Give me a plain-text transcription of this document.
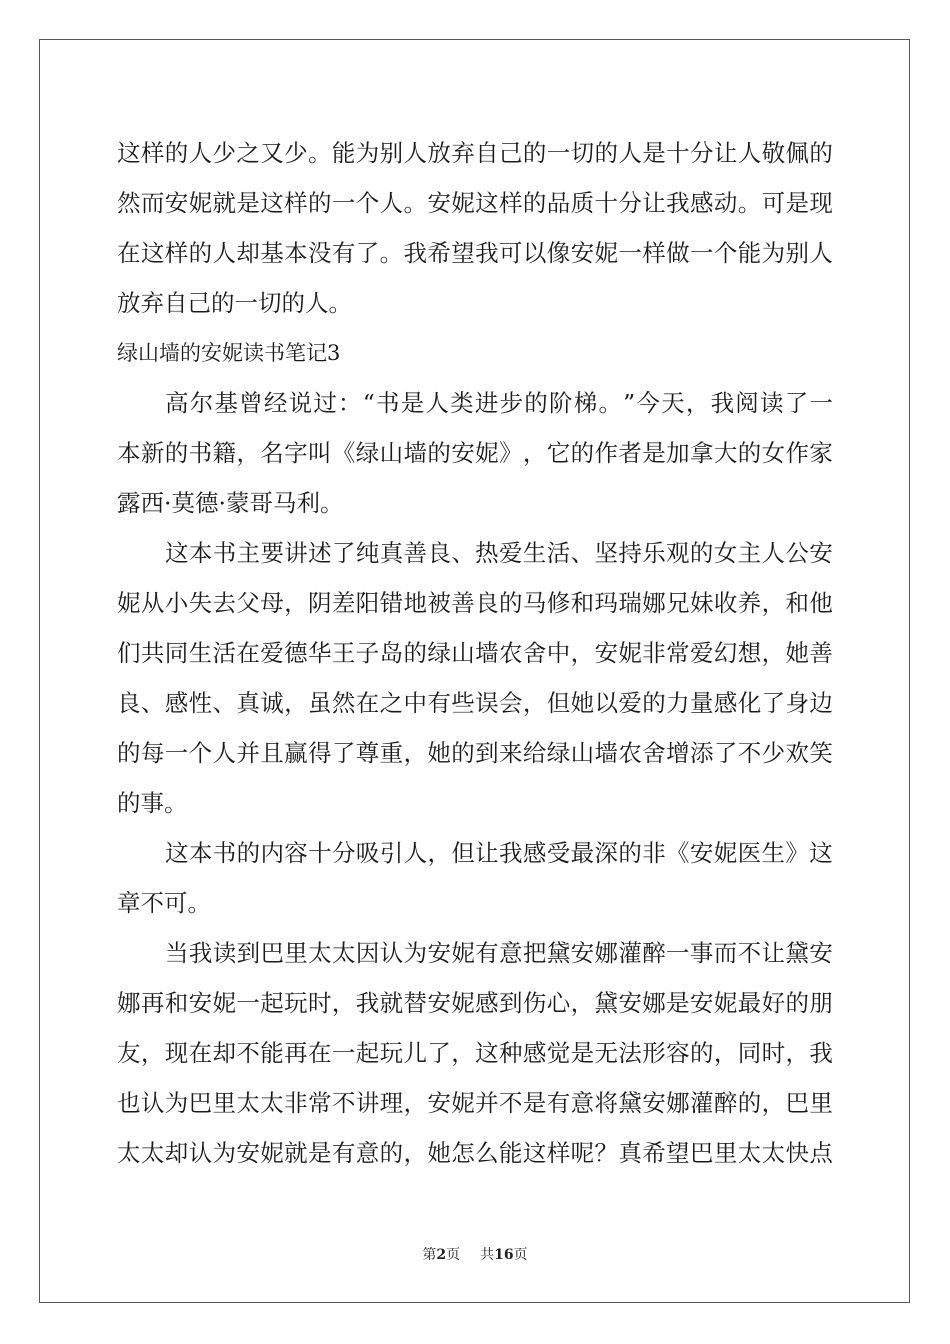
这 样 的 人 少 之 又 少 。 能 为 别 人 放 弃 自 己 的 一 切 的 人 是 十 分 让 人 敬 佩 的
然 而 安 妮 就 是 这 样 的 一 个 人 。 安 妮 这 样 的 品 质 十 分 让 我 感 动 。 可 是 现
在 这 样 的 人 却 基 本 没 有 了 。 我 希 望 我 可 以 像 安 妮 一 样 做 一 个 能 为 别 人
放弃自己的一切的人。
绿山墙的安妮读书笔记3
高 尔 基 曾 经 说 过 ： “ 书 是 人 类 进 步 的 阶 梯 。 ” 今 天 ， 我 阅 读 了 一
本 新 的 书 籍 ， 名 字 叫 《 绿 山 墙 的 安 妮 》 ， 它 的 作 者 是 加 拿 大 的 女 作 家
露西·莫德·蒙哥马利。
这 本 书 主 要 讲 述 了 纯 真 善 良 、 热 爱 生 活 、 坚 持 乐 观 的 女 主 人 公 安
妮 从 小 失 去 父 母 ， 阴 差 阳 错 地 被 善 良 的 马 修 和 玛 瑞 娜 兄 妹 收 养 ， 和 他
们 共 同 生 活 在 爱 德 华 王 子 岛 的 绿 山 墙 农 舍 中 ， 安 妮 非 常 爱 幻 想 ， 她 善
良 、 感 性 、 真 诚 ， 虽 然 在 之 中 有 些 误 会 ， 但 她 以 爱 的 力 量 感 化 了 身 边
的 每 一 个 人 并 且 赢 得 了 尊 重 ， 她 的 到 来 给 绿 山 墙 农 舍 增 添 了 不 少 欢 笑
的事。
这 本 书 的 内 容 十 分 吸 引 人 ， 但 让 我 感 受 最 深 的 非 《 安 妮 医 生 》 这
章不可。
当 我 读 到 巴 里 太 太 因 认 为 安 妮 有 意 把 黛 安 娜 灌 醉 一 事 而 不 让 黛 安
娜 再 和 安 妮 一 起 玩 时 ， 我 就 替 安 妮 感 到 伤 心 ， 黛 安 娜 是 安 妮 最 好 的 朋
友 ， 现 在 却 不 能 再 在 一 起 玩 儿 了 ， 这 种 感 觉 是 无 法 形 容 的 ， 同 时 ， 我
也 认 为 巴 里 太 太 非 常 不 讲 理 ， 安 妮 并 不 是 有 意 将 黛 安 娜 灌 醉 的 ， 巴 里
太 太 却 认 为 安 妮 就 是 有 意 的 ， 她 怎 么 能 这 样 呢 ？ 真 希 望 巴 里 太 太 快 点
第2页 共16页
